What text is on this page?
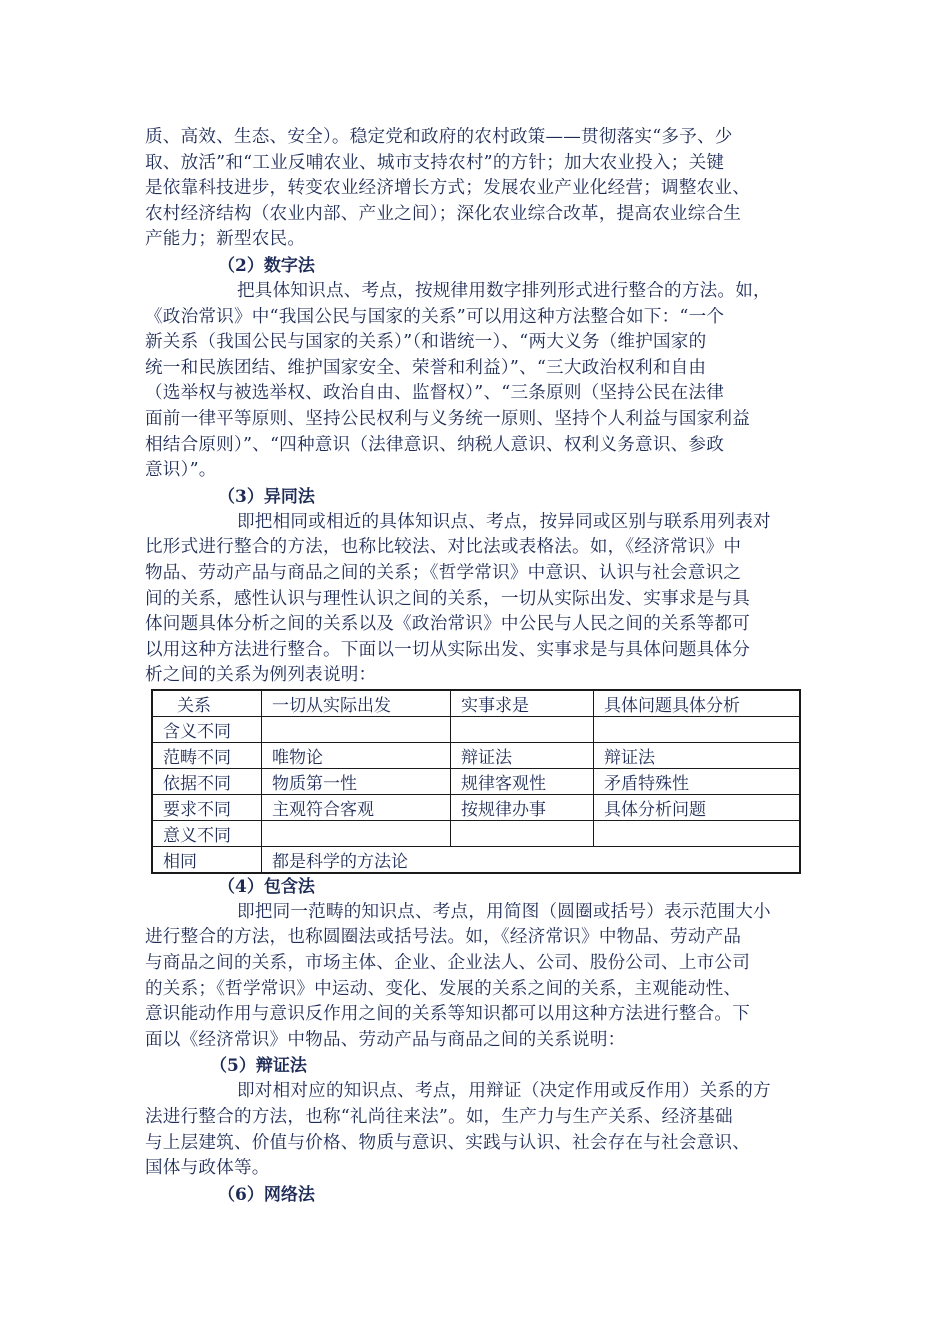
质、高效、生态、安全）。稳定党和政府的农村政策——贯彻落实“多予、少
取、放活”和“工业反哺农业、城市支持农村”的方针；加大农业投入；关键
是依靠科技进步，转变农业经济增长方式；发展农业产业化经营；调整农业、
农村经济结构（农业内部、产业之间）；深化农业综合改革，提高农业综合生
产能力；新型农民。

（2）数字法

把具体知识点、考点，按规律用数字排列形式进行整合的方法。如，
《政治常识》中“我国公民与国家的关系”可以用这种方法整合如下：“一个
新关系（我国公民与国家的关系）”（和谐统一）、“两大义务（维护国家的
统一和民族团结、维护国家安全、荣誉和利益）”、“三大政治权利和自由
（选举权与被选举权、政治自由、监督权）”、“三条原则（坚持公民在法律
面前一律平等原则、坚持公民权利与义务统一原则、坚持个人利益与国家利益
相结合原则）”、“四种意识（法律意识、纳税人意识、权利义务意识、参政
意识）”。

（3）异同法

即把相同或相近的具体知识点、考点，按异同或区别与联系用列表对
比形式进行整合的方法，也称比较法、对比法或表格法。如，《经济常识》中
物品、劳动产品与商品之间的关系；《哲学常识》中意识、认识与社会意识之
间的关系，感性认识与理性认识之间的关系，一切从实际出发、实事求是与具
体问题具体分析之间的关系以及《政治常识》中公民与人民之间的关系等都可
以用这种方法进行整合。下面以一切从实际出发、实事求是与具体问题具体分
析之间的关系为例列表说明：

关系	一切从实际出发	实事求是	具体问题具体分析
含义不同			
范畴不同	唯物论	辩证法	辩证法
依据不同	物质第一性	规律客观性	矛盾特殊性
要求不同	主观符合客观	按规律办事	具体分析问题
意义不同			
相同	都是科学的方法论		
（4）包含法

即把同一范畴的知识点、考点，用简图（圆圈或括号）表示范围大小
进行整合的方法，也称圆圈法或括号法。如，《经济常识》中物品、劳动产品
与商品之间的关系，市场主体、企业、企业法人、公司、股份公司、上市公司
的关系；《哲学常识》中运动、变化、发展的关系之间的关系，主观能动性、
意识能动作用与意识反作用之间的关系等知识都可以用这种方法进行整合。下
面以《经济常识》中物品、劳动产品与商品之间的关系说明：

（5）辩证法

即对相对应的知识点、考点，用辩证（决定作用或反作用）关系的方
法进行整合的方法，也称“礼尚往来法”。如，生产力与生产关系、经济基础
与上层建筑、价值与价格、物质与意识、实践与认识、社会存在与社会意识、
国体与政体等。

（6）网络法
